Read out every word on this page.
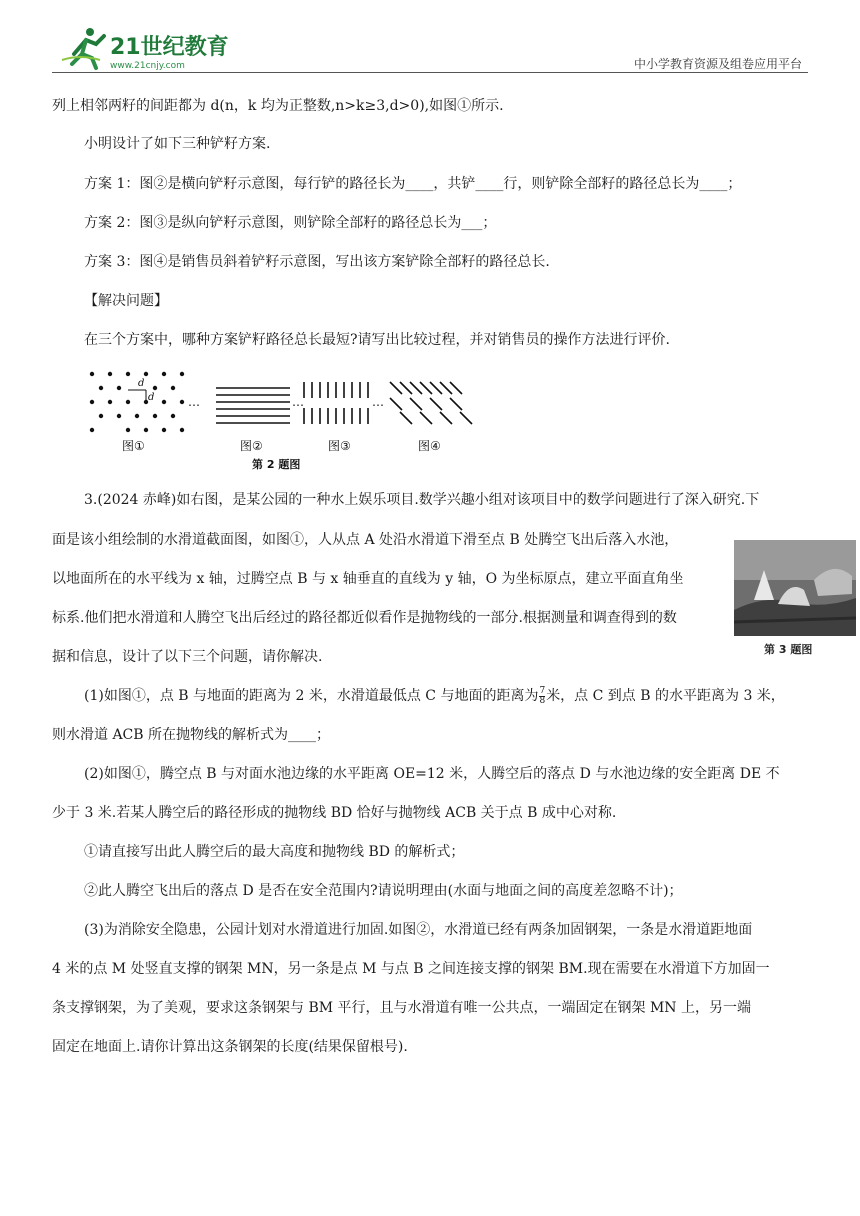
21世纪教育
www.21cnjy.com	中小学教育资源及组卷应用平台
列上相邻两籽的间距都为 d(n，k 均为正整数,n>k≥3,d>0),如图①所示.
小明设计了如下三种铲籽方案.
方案 1：图②是横向铲籽示意图，每行铲的路径长为____，共铲____行，则铲除全部籽的路径总长为____；
方案 2：图③是纵向铲籽示意图，则铲除全部籽的路径总长为___；
方案 3：图④是销售员斜着铲籽示意图，写出该方案铲除全部籽的路径总长.
【解决问题】
在三个方案中，哪种方案铲籽路径总长最短?请写出比较过程，并对销售员的操作方法进行评价.
d
d	…	…	…
图①	图②	图③	图④
第 2 题图
3.(2024 赤峰)如右图，是某公园的一种水上娱乐项目.数学兴趣小组对该项目中的数学问题进行了深入研究.下
面是该小组绘制的水滑道截面图，如图①，人从点 A 处沿水滑道下滑至点 B 处腾空飞出后落入水池，
以地面所在的水平线为 x 轴，过腾空点 B 与 x 轴垂直的直线为 y 轴，O 为坐标原点，建立平面直角坐
标系.他们把水滑道和人腾空飞出后经过的路径都近似看作是抛物线的一部分.根据测量和调查得到的数
据和信息，设计了以下三个问题，请你解决.	第 3 题图
(1)如图①，点 B 与地面的距离为 2 米，水滑道最低点 C 与地面的距离为 $\frac{7}{8}$ 米，点 C 到点 B 的水平距离为 3 米，
则水滑道 ACB 所在抛物线的解析式为____；
(2)如图①，腾空点 B 与对面水池边缘的水平距离 OE=12 米，人腾空后的落点 D 与水池边缘的安全距离 DE 不
少于 3 米.若某人腾空后的路径形成的抛物线 BD 恰好与抛物线 ACB 关于点 B 成中心对称.
①请直接写出此人腾空后的最大高度和抛物线 BD 的解析式；
②此人腾空飞出后的落点 D 是否在安全范围内?请说明理由(水面与地面之间的高度差忽略不计)；
(3)为消除安全隐患，公园计划对水滑道进行加固.如图②，水滑道已经有两条加固钢架，一条是水滑道距地面
4 米的点 M 处竖直支撑的钢架 MN，另一条是点 M 与点 B 之间连接支撑的钢架 BM.现在需要在水滑道下方加固一
条支撑钢架，为了美观，要求这条钢架与 BM 平行，且与水滑道有唯一公共点，一端固定在钢架 MN 上，另一端
固定在地面上.请你计算出这条钢架的长度(结果保留根号).
